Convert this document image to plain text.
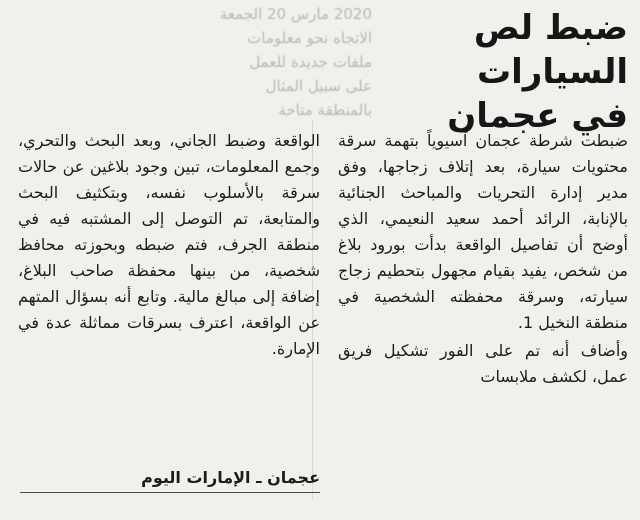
2020 مارس 20 الجمعة
الاتجاه نحو معلومات
ملفات جديدة للعمل
على سبيل المثال
بالمنطقة متاحة
ضبط لص السيارات
في عجمان

ضبطت شرطة عجمان آسيوياً بتهمة سرقة محتويات سيارة، بعد إتلاف زجاجها، وفق مدير إدارة التحريات والمباحث الجنائية بالإنابة، الرائد أحمد سعيد النعيمي، الذي أوضح أن تفاصيل الواقعة بدأت بورود بلاغ من شخص، يفيد بقيام مجهول بتحطيم زجاج سيارته، وسرقة محفظته الشخصية في منطقة النخيل 1.

وأضاف أنه تم على الفور تشكيل فريق عمل، لكشف ملابسات

الواقعة وضبط الجاني، وبعد البحث والتحري، وجمع المعلومات، تبين وجود بلاغين عن حالات سرقة بالأسلوب نفسه، وبتكثيف البحث والمتابعة، تم التوصل إلى المشتبه فيه في منطقة الجرف، فتم ضبطه وبحوزته محافظ شخصية، من بينها محفظة صاحب البلاغ، إضافة إلى مبالغ مالية. وتابع أنه بسؤال المتهم عن الواقعة، اعترف بسرقات مماثلة عدة في الإمارة.

عجمان ـ الإمارات اليوم
